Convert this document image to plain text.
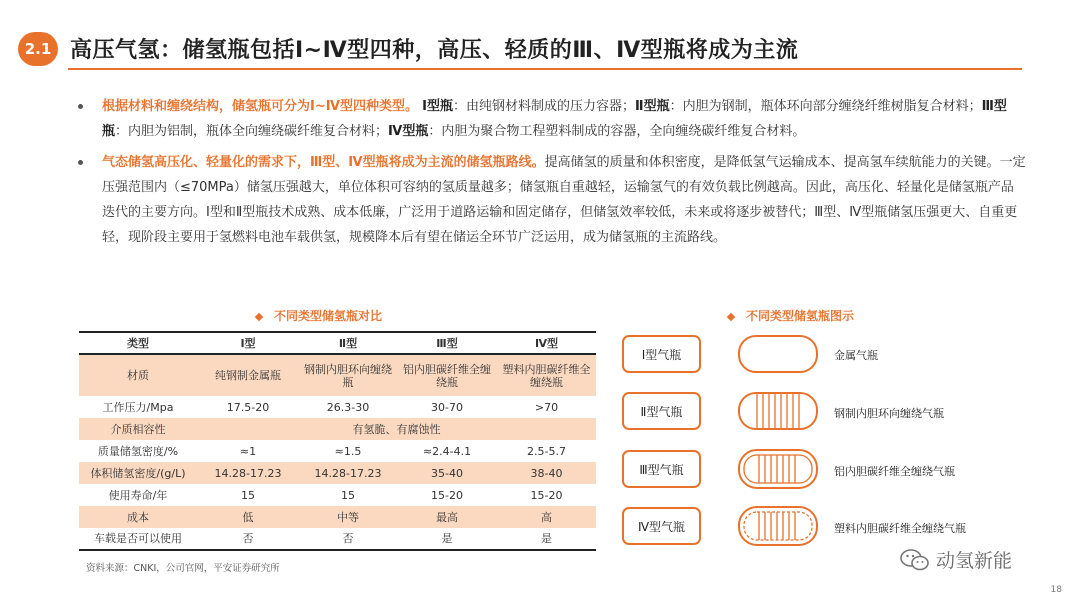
2.1 高压气氢：储氢瓶包括Ⅰ~Ⅳ型四种，高压、轻质的Ⅲ、Ⅳ型瓶将成为主流
根据材料和缠绕结构，储氢瓶可分为Ⅰ~Ⅳ型四种类型。 Ⅰ型瓶：由纯钢材料制成的压力容器；Ⅱ型瓶：内胆为钢制，瓶体环向部分缠绕纤维树脂复合材料；Ⅲ型瓶：内胆为铝制，瓶体全向缠绕碳纤维复合材料；Ⅳ型瓶：内胆为聚合物工程塑料制成的容器，全向缠绕碳纤维复合材料。
气态储氢高压化、轻量化的需求下，Ⅲ型、Ⅳ型瓶将成为主流的储氢瓶路线。提高储氢的质量和体积密度，是降低氢气运输成本、提高氢车续航能力的关键。一定压强范围内（≤70MPa）储氢压强越大，单位体积可容纳的氢质量越多；储氢瓶自重越轻，运输氢气的有效负载比例越高。因此，高压化、轻量化是储氢瓶产品迭代的主要方向。Ⅰ型和Ⅱ型瓶技术成熟、成本低廉，广泛用于道路运输和固定储存，但储氢效率较低，未来或将逐步被替代；Ⅲ型、Ⅳ型瓶储氢压强更大、自重更轻，现阶段主要用于氢燃料电池车载供氢，规模降本后有望在储运全环节广泛运用，成为储氢瓶的主流路线。
不同类型储氢瓶对比	不同类型储氢瓶图示
类型	Ⅰ型	Ⅱ型	Ⅲ型	Ⅳ型
材质	纯钢制金属瓶	钢制内胆环向缠绕瓶	铝内胆碳纤维全缠绕瓶	塑料内胆碳纤维全缠绕瓶
工作压力/Mpa	17.5-20	26.3-30	30-70	>70
介质相容性	有氢脆、有腐蚀性			
质量储氢密度/%	≈1	≈1.5	≈2.4-4.1	2.5-5.7
体积储氢密度/(g/L)	14.28-17.23	14.28-17.23	35-40	38-40
使用寿命/年	15	15	15-20	15-20
成本	低	中等	最高	高
车载是否可以使用	否	否	是	是
资料来源：CNKI，公司官网，平安证券研究所
Ⅰ型气瓶
Ⅱ型气瓶
Ⅲ型气瓶
Ⅳ型气瓶
金属气瓶
钢制内胆环向缠绕气瓶
铝内胆碳纤维全缠绕气瓶
塑料内胆碳纤维全缠绕气瓶
动氢新能
18
